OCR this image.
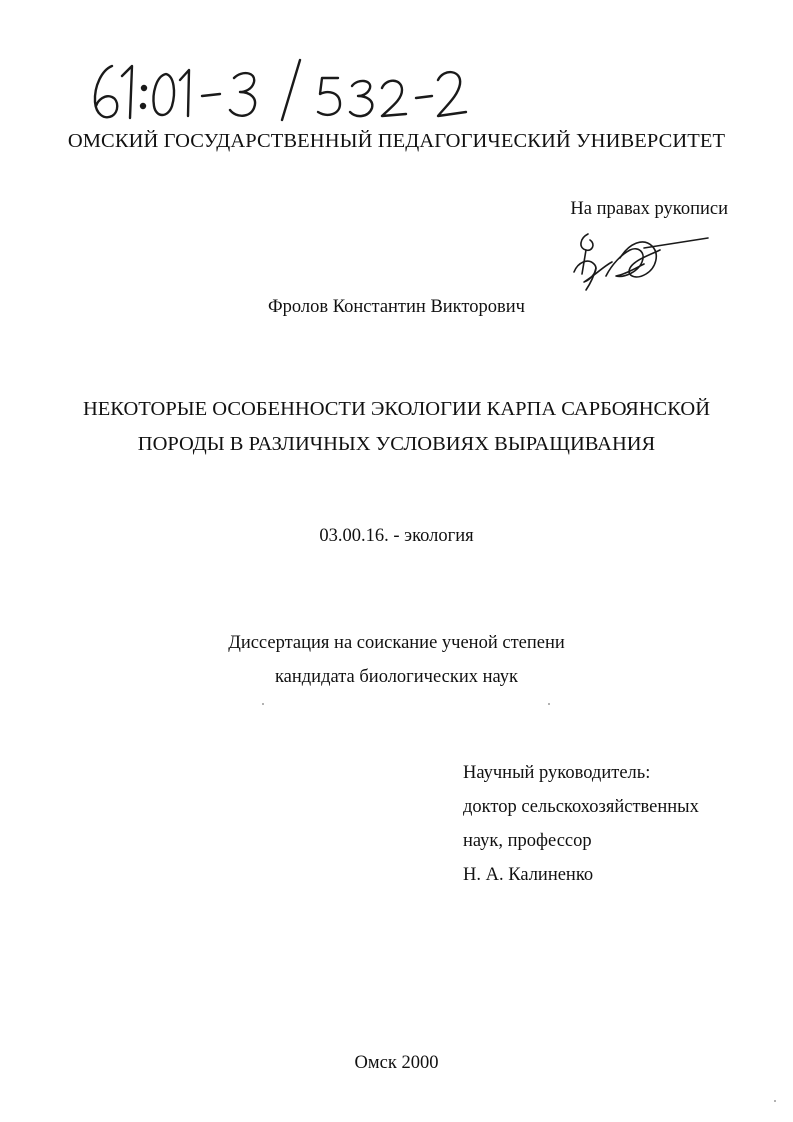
ОМСКИЙ ГОСУДАРСТВЕННЫЙ ПЕДАГОГИЧЕСКИЙ УНИВЕРСИТЕТ
На правах рукописи
Фролов Константин Викторович
НЕКОТОРЫЕ ОСОБЕННОСТИ ЭКОЛОГИИ КАРПА САРБОЯНСКОЙ
ПОРОДЫ В РАЗЛИЧНЫХ УСЛОВИЯХ ВЫРАЩИВАНИЯ
03.00.16. - экология
Диссертация на соискание ученой степени
кандидата биологических наук
Научный руководитель:
доктор сельскохозяйственных
наук, профессор
Н. А. Калиненко
Омск 2000
